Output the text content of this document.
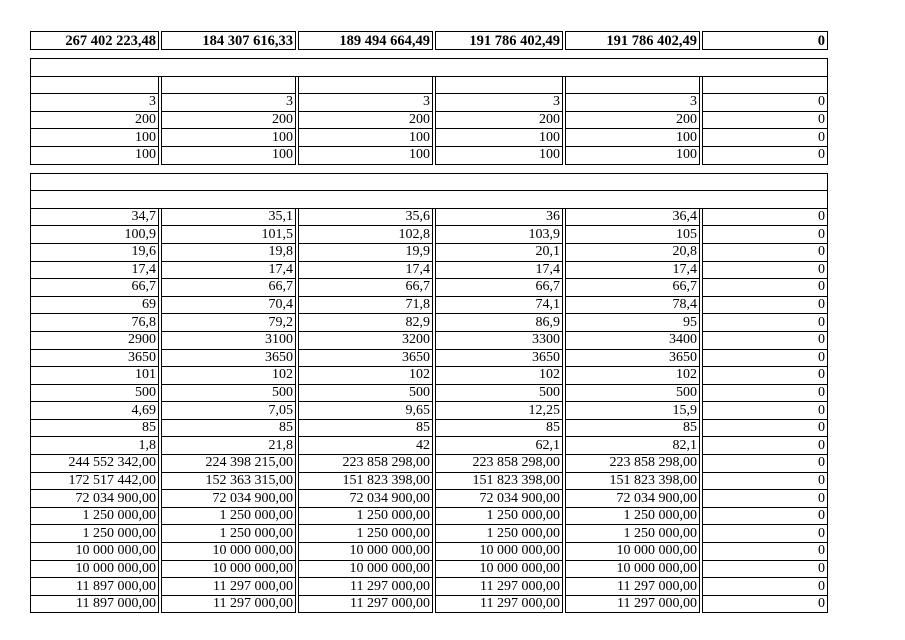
267 402 223,48		184 307 616,33		189 494 664,49		191 786 402,49		191 786 402,49		0

3		3		3		3		3		0
200		200		200		200		200		0
100		100		100		100		100		0
100		100		100		100		100		0

34,7		35,1		35,6		36		36,4		0
100,9		101,5		102,8		103,9		105		0
19,6		19,8		19,9		20,1		20,8		0
17,4		17,4		17,4		17,4		17,4		0
66,7		66,7		66,7		66,7		66,7		0
69		70,4		71,8		74,1		78,4		0
76,8		79,2		82,9		86,9		95		0
2900		3100		3200		3300		3400		0
3650		3650		3650		3650		3650		0
101		102		102		102		102		0
500		500		500		500		500		0
4,69		7,05		9,65		12,25		15,9		0
85		85		85		85		85		0
1,8		21,8		42		62,1		82,1		0
244 552 342,00		224 398 215,00		223 858 298,00		223 858 298,00		223 858 298,00		0
172 517 442,00		152 363 315,00		151 823 398,00		151 823 398,00		151 823 398,00		0
72 034 900,00		72 034 900,00		72 034 900,00		72 034 900,00		72 034 900,00		0
1 250 000,00		1 250 000,00		1 250 000,00		1 250 000,00		1 250 000,00		0
1 250 000,00		1 250 000,00		1 250 000,00		1 250 000,00		1 250 000,00		0
10 000 000,00		10 000 000,00		10 000 000,00		10 000 000,00		10 000 000,00		0
10 000 000,00		10 000 000,00		10 000 000,00		10 000 000,00		10 000 000,00		0
11 897 000,00		11 297 000,00		11 297 000,00		11 297 000,00		11 297 000,00		0
11 897 000,00		11 297 000,00		11 297 000,00		11 297 000,00		11 297 000,00		0
